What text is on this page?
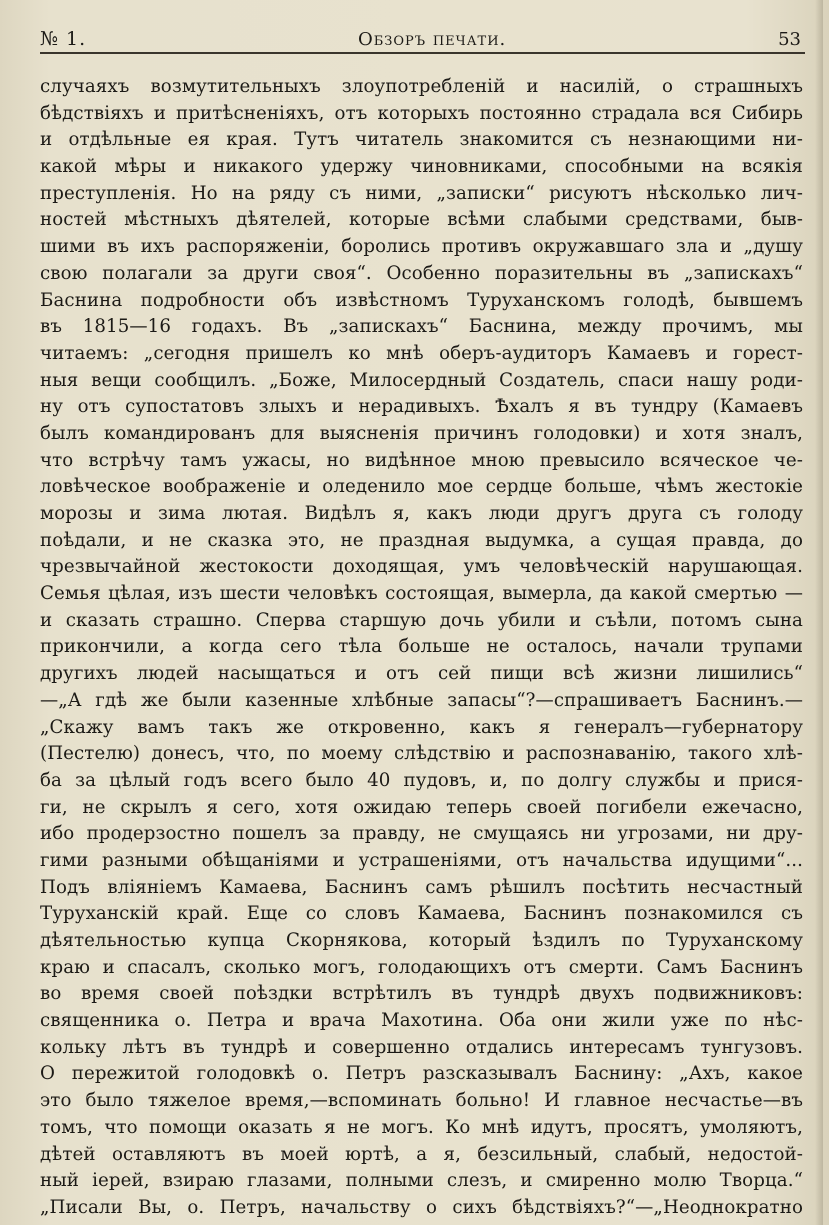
№ 1.	Обзоръ печати.	53
случаяхъ возмутительныхъ злоупотребленій и насилій, о страшныхъ
бѣдствіяхъ и притѣсненіяхъ, отъ которыхъ постоянно страдала вся Сибирь
и отдѣльные ея края. Тутъ читатель знакомится съ незнающими ни-
какой мѣры и никакого удержу чиновниками, способными на всякія
преступленія. Но на ряду съ ними, „записки“ рисуютъ нѣсколько лич-
ностей мѣстныхъ дѣятелей, которые всѣми слабыми средствами, быв-
шими въ ихъ распоряженіи, боролись противъ окружавшаго зла и „душу
свою полагали за други своя“. Особенно поразительны въ „запискахъ“
Баснина подробности объ извѣстномъ Туруханскомъ голодѣ, бывшемъ
въ 1815—16 годахъ. Въ „запискахъ“ Баснина, между прочимъ, мы
читаемъ: „сегодня пришелъ ко мнѣ оберъ-аудиторъ Камаевъ и горест-
ныя вещи сообщилъ. „Боже, Милосердный Создатель, спаси нашу роди-
ну отъ супостатовъ злыхъ и нерадивыхъ. Ѣхалъ я въ тундру (Камаевъ
былъ командированъ для выясненія причинъ голодовки) и хотя зналъ,
что встрѣчу тамъ ужасы, но видѣнное мною превысило всяческое че-
ловѣческое воображеніе и оледенило мое сердце больше, чѣмъ жестокіе
морозы и зима лютая. Видѣлъ я, какъ люди другъ друга съ голоду
поѣдали, и не сказка это, не праздная выдумка, а сущая правда, до
чрезвычайной жестокости доходящая, умъ человѣческій нарушающая.
Семья цѣлая, изъ шести человѣкъ состоящая, вымерла, да какой смертью —
и сказать страшно. Сперва старшую дочь убили и съѣли, потомъ сына
прикончили, а когда сего тѣла больше не осталось, начали трупами
другихъ людей насыщаться и отъ сей пищи всѣ жизни лишились“
—„А гдѣ же были казенные хлѣбные запасы“?—спрашиваетъ Баснинъ.—
„Скажу вамъ такъ же откровенно, какъ я генералъ—губернатору
(Пестелю) донесъ, что, по моему слѣдствію и распознаванію, такого хлѣ-
ба за цѣлый годъ всего было 40 пудовъ, и, по долгу службы и прися-
ги, не скрылъ я сего, хотя ожидаю теперь своей погибели ежечасно,
ибо продерзостно пошелъ за правду, не смущаясь ни угрозами, ни дру-
гими разными обѣщаніями и устрашеніями, отъ начальства идущими“...
Подъ вліяніемъ Камаева, Баснинъ самъ рѣшилъ посѣтить несчастный
Туруханскій край. Еще со словъ Камаева, Баснинъ познакомился съ
дѣятельностью купца Скорнякова, который ѣздилъ по Туруханскому
краю и спасалъ, сколько могъ, голодающихъ отъ смерти. Самъ Баснинъ
во время своей поѣздки встрѣтилъ въ тундрѣ двухъ подвижниковъ:
священника о. Петра и врача Махотина. Оба они жили уже по нѣс-
кольку лѣтъ въ тундрѣ и совершенно отдались интересамъ тунгузовъ.
О пережитой голодовкѣ о. Петръ разсказывалъ Баснину: „Ахъ, какое
это было тяжелое время,—вспоминать больно! И главное несчастье—въ
томъ, что помощи оказать я не могъ. Ко мнѣ идутъ, просятъ, умоляютъ,
дѣтей оставляютъ въ моей юртѣ, а я, безсильный, слабый, недостой-
ный іерей, взираю глазами, полными слезъ, и смиренно молю Творца.“
„Писали Вы, о. Петръ, начальству о сихъ бѣдствіяхъ?“—„Неоднократно
